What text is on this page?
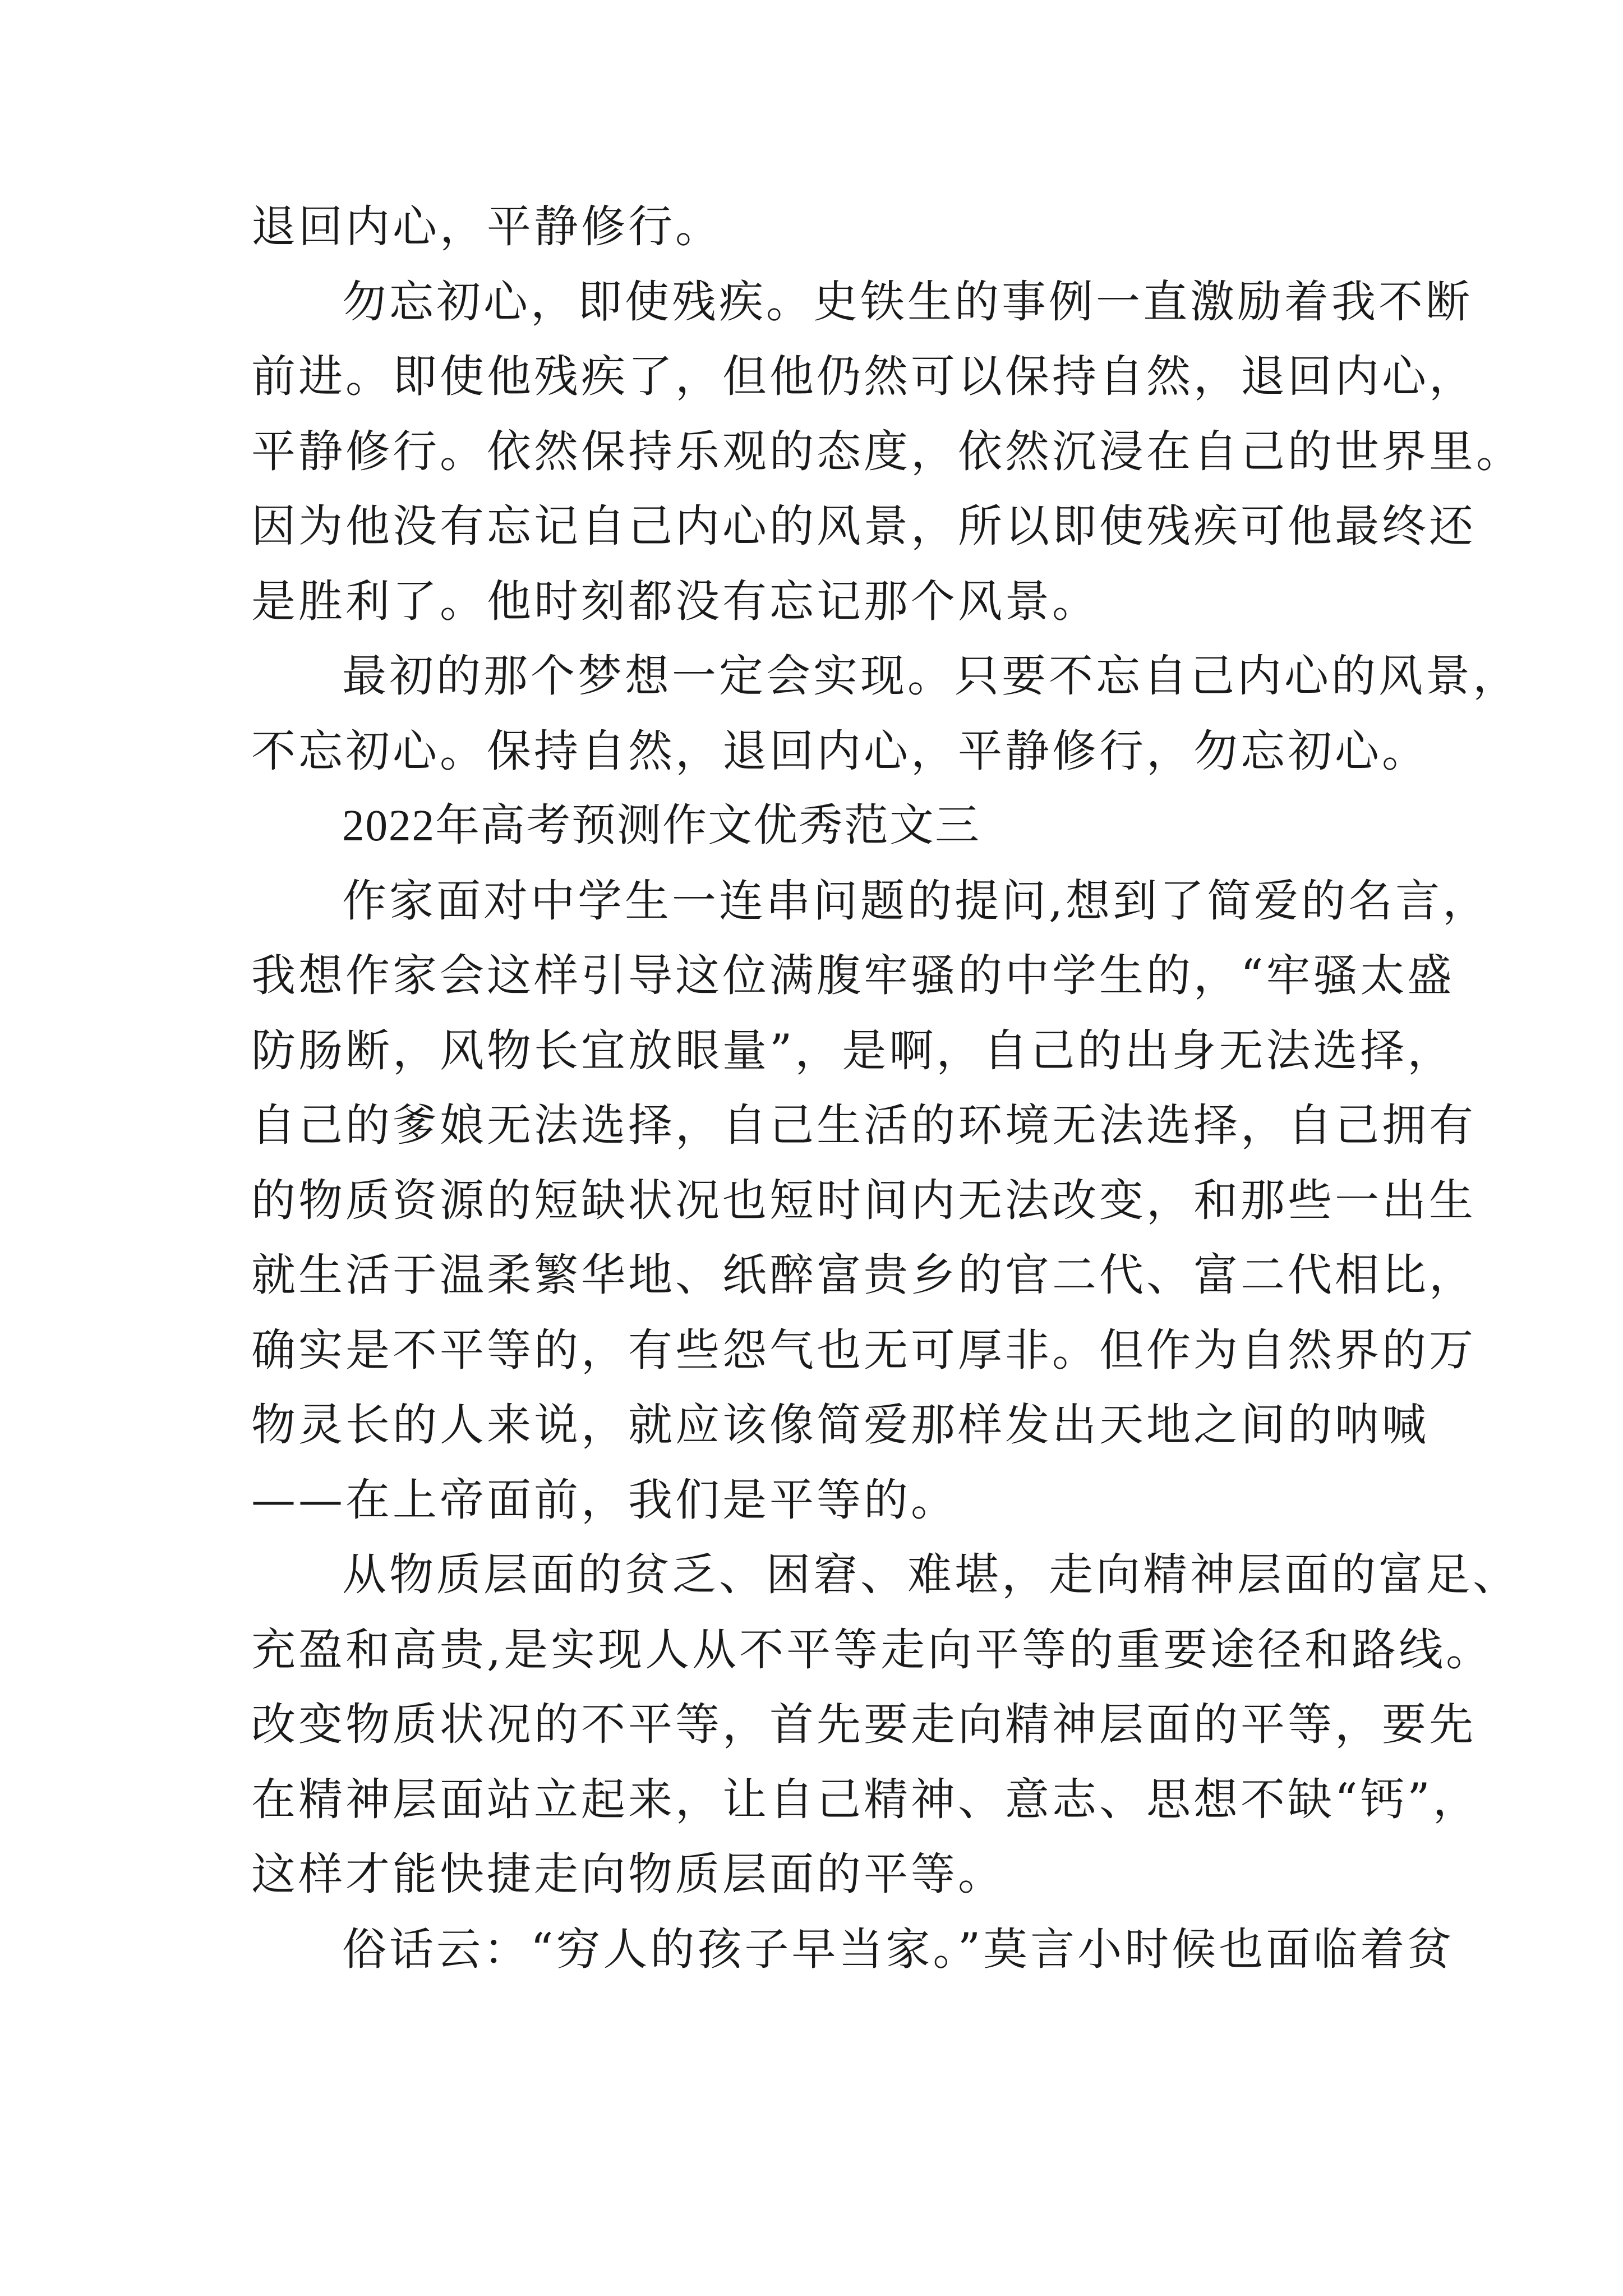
退回内心，平静修行。
勿忘初心，即使残疾。史铁生的事例一直激励着我不断
前进。即使他残疾了，但他仍然可以保持自然，退回内心，
平静修行。依然保持乐观的态度，依然沉浸在自己的世界里。
因为他没有忘记自己内心的风景，所以即使残疾可他最终还
是胜利了。他时刻都没有忘记那个风景。
最初的那个梦想一定会实现。只要不忘自己内心的风景，
不忘初心。保持自然，退回内心，平静修行，勿忘初心。
2022年高考预测作文优秀范文三
作家面对中学生一连串问题的提问,想到了简爱的名言，
我想作家会这样引导这位满腹牢骚的中学生的，“牢骚太盛
防肠断，风物长宜放眼量”，是啊，自己的出身无法选择，
自己的爹娘无法选择，自己生活的环境无法选择，自己拥有
的物质资源的短缺状况也短时间内无法改变，和那些一出生
就生活于温柔繁华地、纸醉富贵乡的官二代、富二代相比，
确实是不平等的，有些怨气也无可厚非。但作为自然界的万
物灵长的人来说，就应该像简爱那样发出天地之间的呐喊
——在上帝面前，我们是平等的。
从物质层面的贫乏、困窘、难堪，走向精神层面的富足、
充盈和高贵,是实现人从不平等走向平等的重要途径和路线。
改变物质状况的不平等，首先要走向精神层面的平等，要先
在精神层面站立起来，让自己精神、意志、思想不缺“钙”，
这样才能快捷走向物质层面的平等。
俗话云：“穷人的孩子早当家。”莫言小时候也面临着贫
